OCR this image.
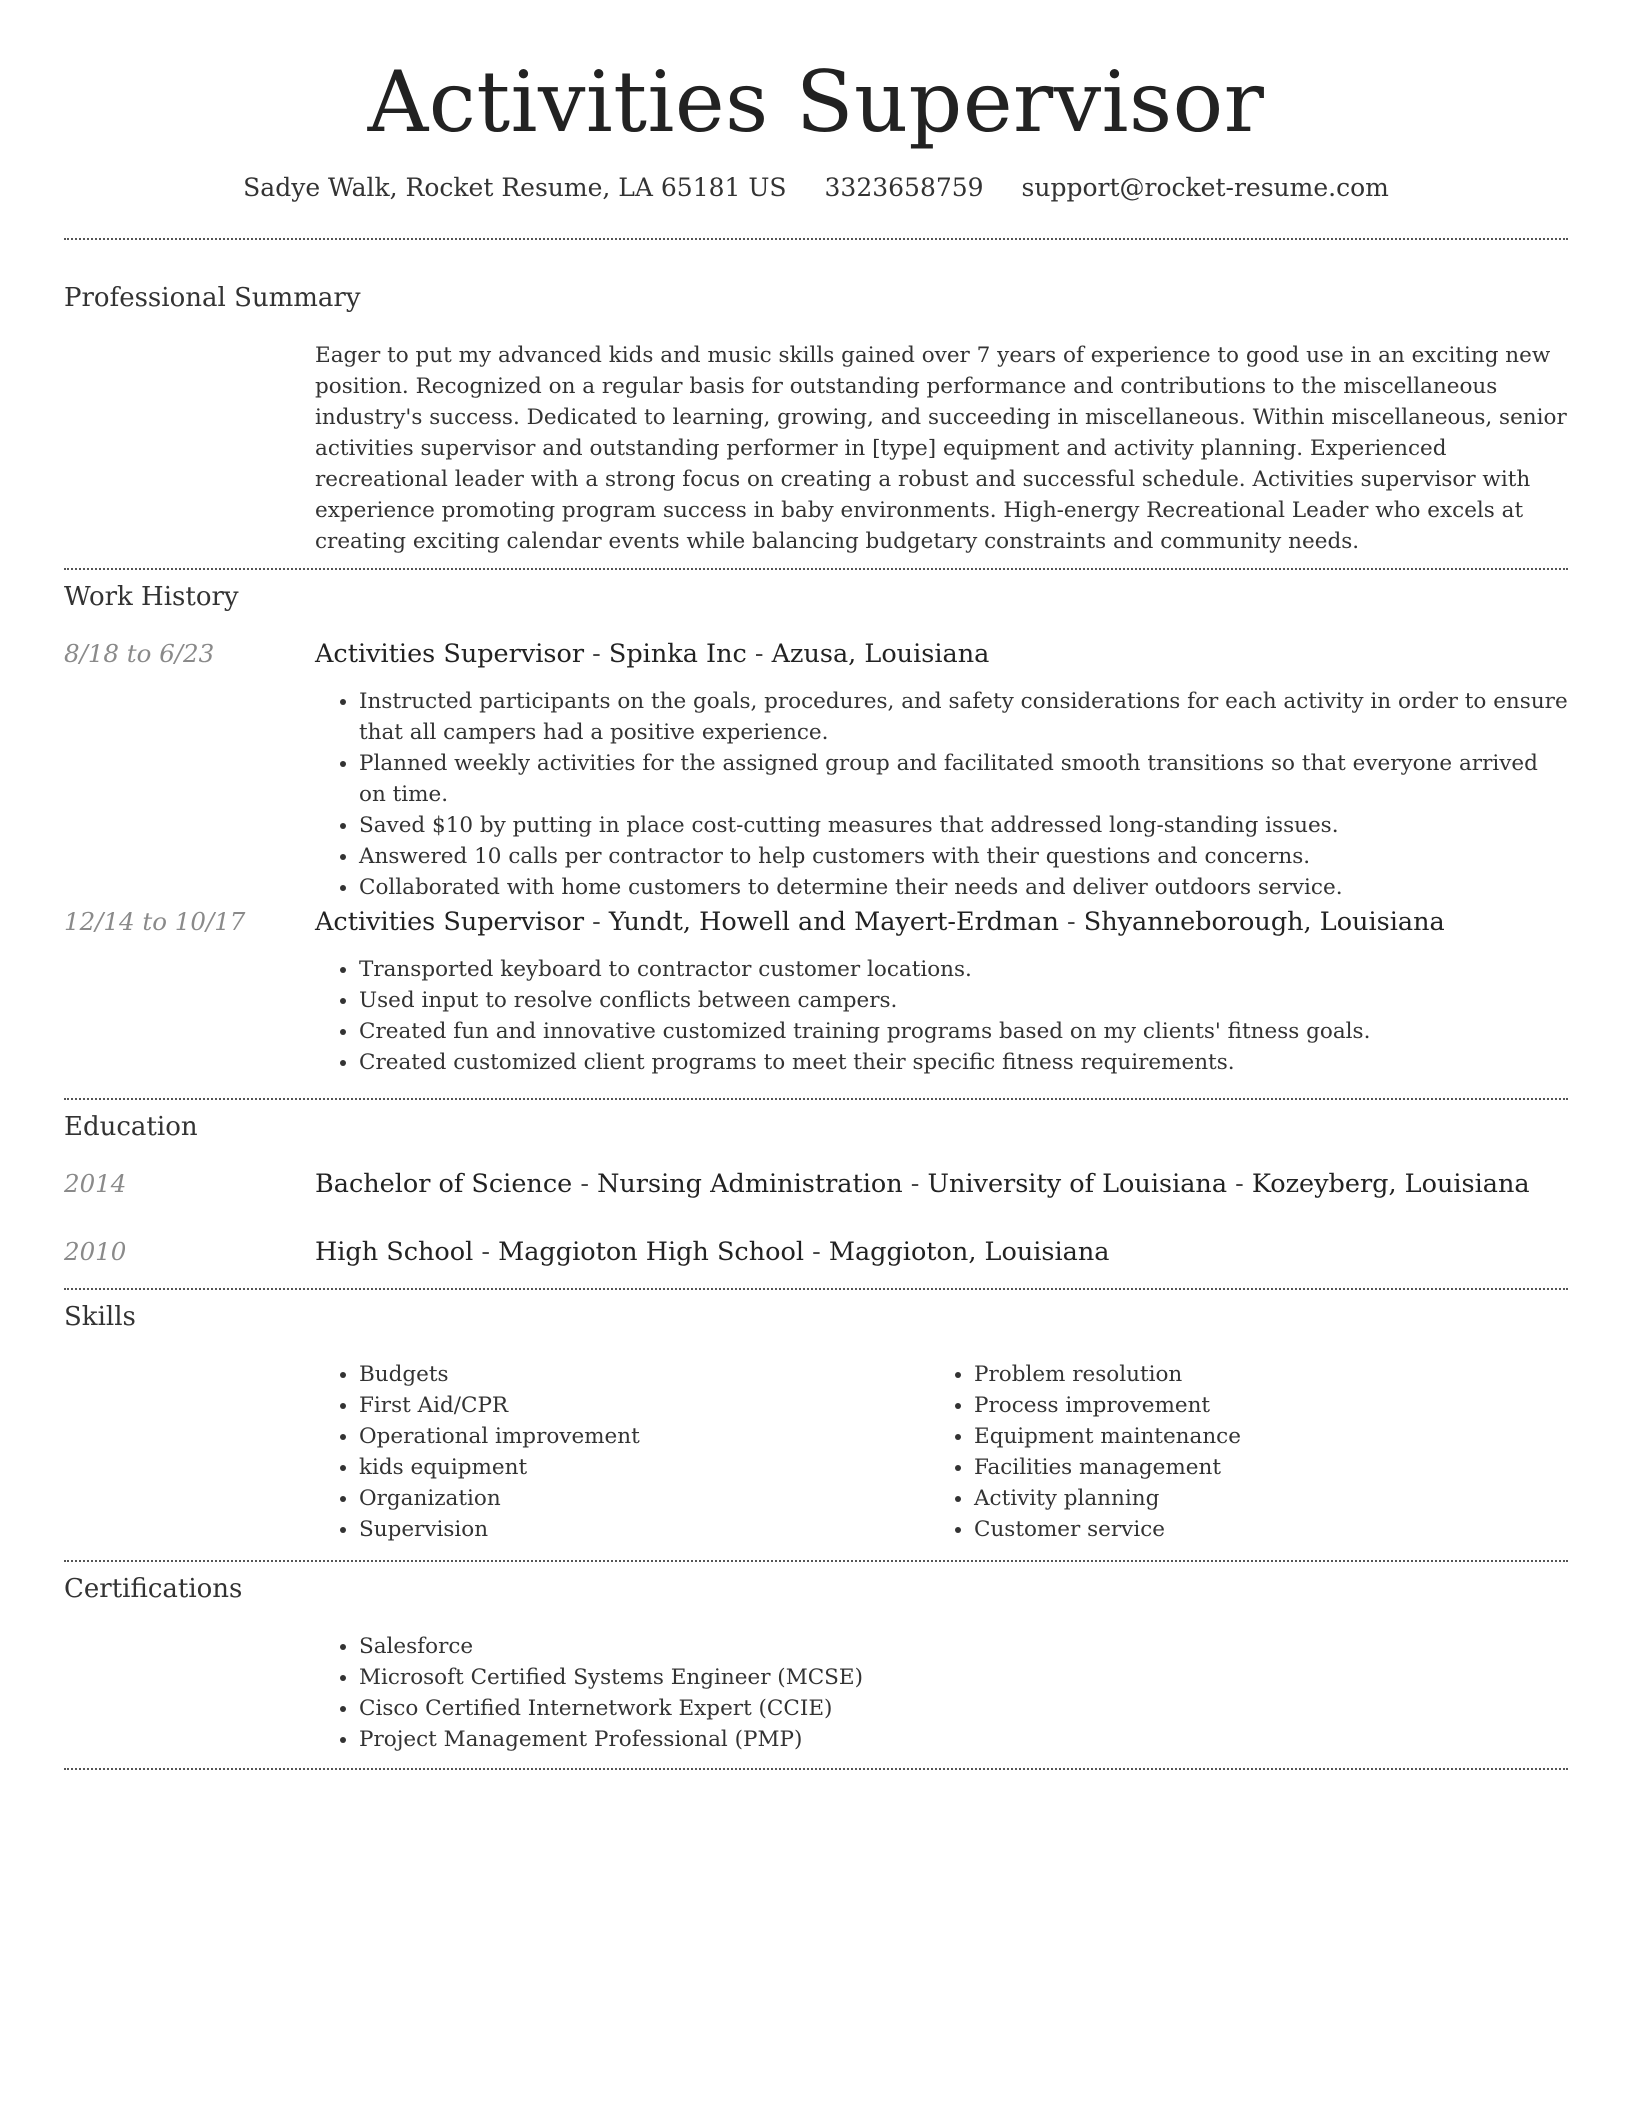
Activities Supervisor
Sadye Walk, Rocket Resume, LA 65181 US 3323658759 support@rocket-resume.com
Professional Summary
Eager to put my advanced kids and music skills gained over 7 years of experience to good use in an exciting new position. Recognized on a regular basis for outstanding performance and contributions to the miscellaneous industry's success. Dedicated to learning, growing, and succeeding in miscellaneous. Within miscellaneous, senior activities supervisor and outstanding performer in [type] equipment and activity planning. Experienced recreational leader with a strong focus on creating a robust and successful schedule. Activities supervisor with experience promoting program success in baby environments. High-energy Recreational Leader who excels at creating exciting calendar events while balancing budgetary constraints and community needs.
Work History
8/18 to 6/23	Activities Supervisor - Spinka Inc - Azusa, Louisiana
• Instructed participants on the goals, procedures, and safety considerations for each activity in order to ensure that all campers had a positive experience.
• Planned weekly activities for the assigned group and facilitated smooth transitions so that everyone arrived on time.
• Saved $10 by putting in place cost-cutting measures that addressed long-standing issues.
• Answered 10 calls per contractor to help customers with their questions and concerns.
• Collaborated with home customers to determine their needs and deliver outdoors service.
12/14 to 10/17	Activities Supervisor - Yundt, Howell and Mayert-Erdman - Shyanneborough, Louisiana
• Transported keyboard to contractor customer locations.
• Used input to resolve conflicts between campers.
• Created fun and innovative customized training programs based on my clients' fitness goals.
• Created customized client programs to meet their specific fitness requirements.
Education
2014	Bachelor of Science - Nursing Administration - University of Louisiana - Kozeyberg, Louisiana
2010	High School - Maggioton High School - Maggioton, Louisiana
Skills
• Budgets
• First Aid/CPR
• Operational improvement
• kids equipment
• Organization
• Supervision
• Problem resolution
• Process improvement
• Equipment maintenance
• Facilities management
• Activity planning
• Customer service
Certifications
• Salesforce
• Microsoft Certified Systems Engineer (MCSE)
• Cisco Certified Internetwork Expert (CCIE)
• Project Management Professional (PMP)
